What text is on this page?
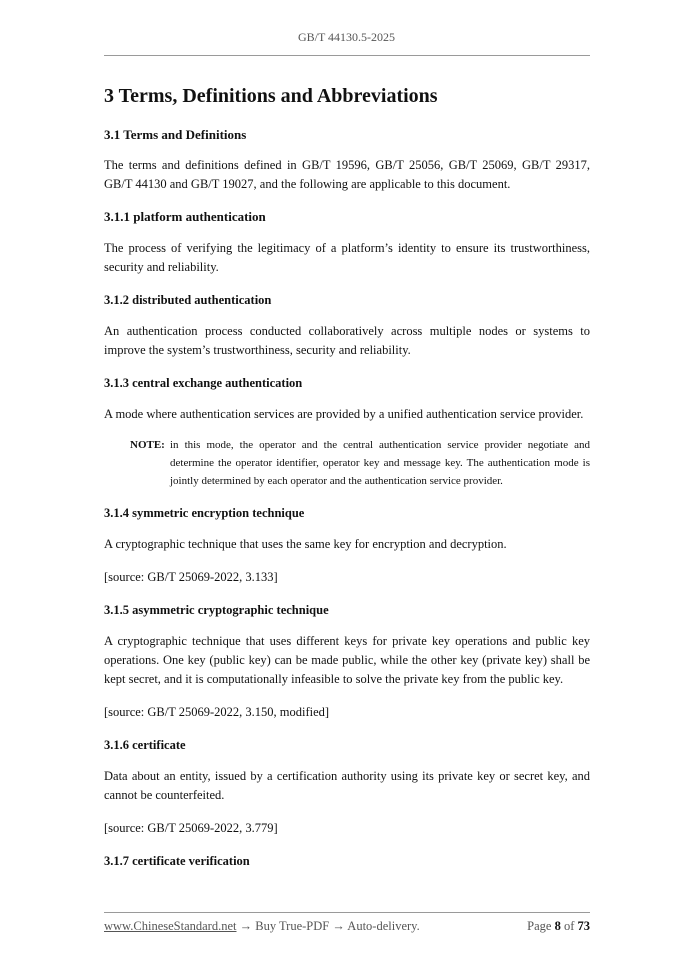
GB/T 44130.5-2025
3 Terms, Definitions and Abbreviations
3.1 Terms and Definitions

The terms and definitions defined in GB/T 19596, GB/T 25056, GB/T 25069, GB/T 29317, GB/T 44130 and GB/T 19027, and the following are applicable to this document.

3.1.1 platform authentication

The process of verifying the legitimacy of a platform’s identity to ensure its trustworthiness, security and reliability.

3.1.2 distributed authentication

An authentication process conducted collaboratively across multiple nodes or systems to improve the system’s trustworthiness, security and reliability.

3.1.3 central exchange authentication

A mode where authentication services are provided by a unified authentication service provider.

NOTE: in this mode, the operator and the central authentication service provider negotiate and determine the operator identifier, operator key and message key. The authentication mode is jointly determined by each operator and the authentication service provider.
3.1.4 symmetric encryption technique

A cryptographic technique that uses the same key for encryption and decryption.

[source: GB/T 25069-2022, 3.133]

3.1.5 asymmetric cryptographic technique

A cryptographic technique that uses different keys for private key operations and public key operations. One key (public key) can be made public, while the other key (private key) shall be kept secret, and it is computationally infeasible to solve the private key from the public key.

[source: GB/T 25069-2022, 3.150, modified]

3.1.6 certificate

Data about an entity, issued by a certification authority using its private key or secret key, and cannot be counterfeited.

[source: GB/T 25069-2022, 3.779]

3.1.7 certificate verification
www.ChineseStandard.net → Buy True-PDF → Auto-delivery.	Page 8 of 73
